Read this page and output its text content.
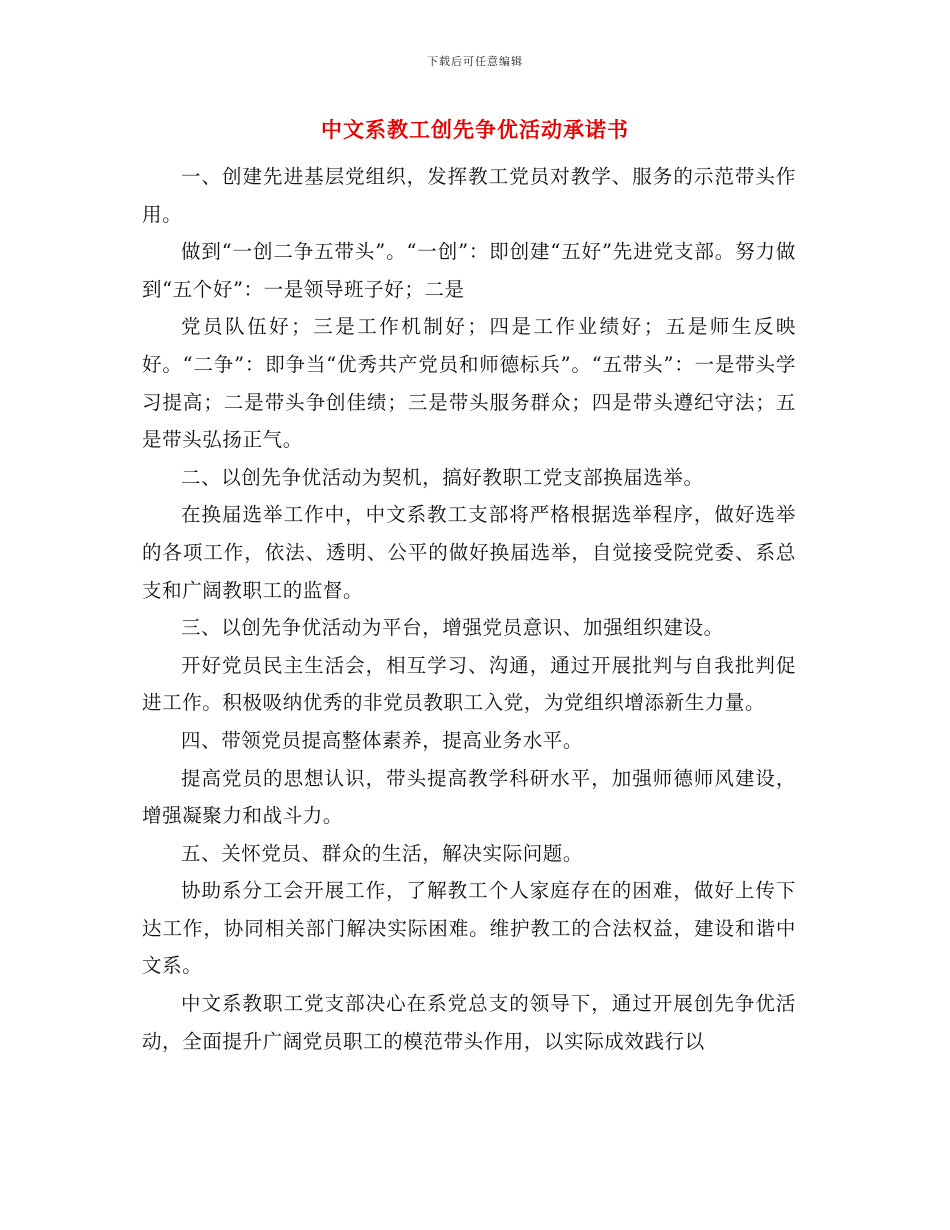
下载后可任意编辑
中文系教工创先争优活动承诺书

一、创建先进基层党组织，发挥教工党员对教学、服务的示范带头作用。

做到“一创二争五带头”。“一创”：即创建“五好”先进党支部。努力做到“五个好”：一是领导班子好；二是

党员队伍好；三是工作机制好；四是工作业绩好；五是师生反映好。“二争”：即争当“优秀共产党员和师德标兵”。“五带头”：一是带头学习提高；二是带头争创佳绩；三是带头服务群众；四是带头遵纪守法；五是带头弘扬正气。

二、以创先争优活动为契机，搞好教职工党支部换届选举。

在换届选举工作中，中文系教工支部将严格根据选举程序，做好选举的各项工作，依法、透明、公平的做好换届选举，自觉接受院党委、系总支和广阔教职工的监督。

三、以创先争优活动为平台，增强党员意识、加强组织建设。

开好党员民主生活会，相互学习、沟通，通过开展批判与自我批判促进工作。积极吸纳优秀的非党员教职工入党，为党组织增添新生力量。

四、带领党员提高整体素养，提高业务水平。

提高党员的思想认识，带头提高教学科研水平，加强师德师风建设，增强凝聚力和战斗力。

五、关怀党员、群众的生活，解决实际问题。

协助系分工会开展工作，了解教工个人家庭存在的困难，做好上传下达工作，协同相关部门解决实际困难。维护教工的合法权益，建设和谐中文系。

中文系教职工党支部决心在系党总支的领导下，通过开展创先争优活动，全面提升广阔党员职工的模范带头作用，以实际成效践行以
